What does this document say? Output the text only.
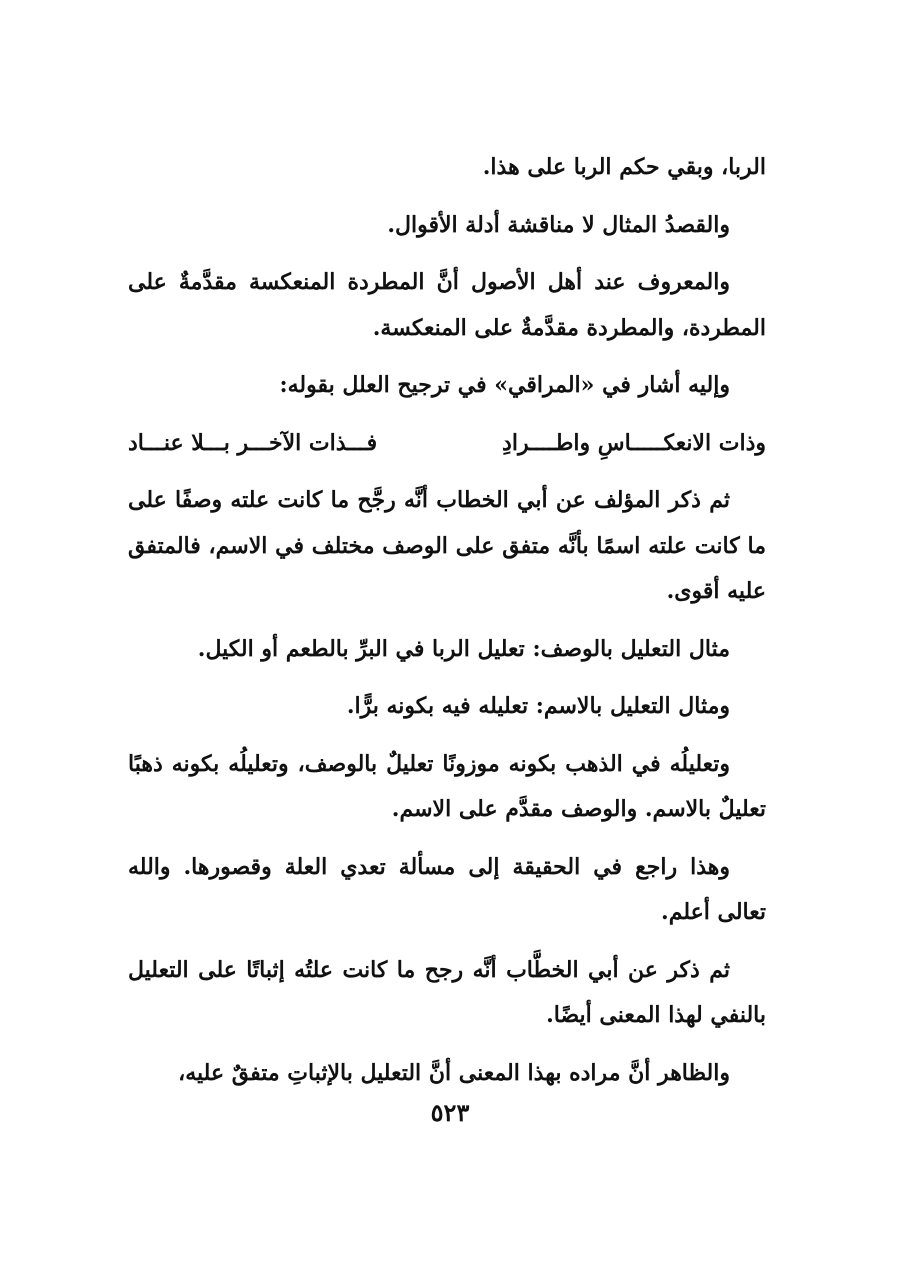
الربا، وبقي حكم الربا على هذا.

والقصدُ المثال لا مناقشة أدلة الأقوال.

والمعروف عند أهل الأصول أنَّ المطردة المنعكسة مقدَّمةٌ على المطردة، والمطردة مقدَّمةٌ على المنعكسة.

وإليه أشار في «المراقي» في ترجيح العلل بقوله:

وذات الانعكـــــاسِ واطــــرادِ
فـــذات الآخـــر بـــلا عنـــاد

ثم ذكر المؤلف عن أبي الخطاب أنَّه رجَّح ما كانت علته وصفًا على ما كانت علته اسمًا بأنَّه متفق على الوصف مختلف في الاسم، فالمتفق عليه أقوى.

مثال التعليل بالوصف: تعليل الربا في البرِّ بالطعم أو الكيل.

ومثال التعليل بالاسم: تعليله فيه بكونه برًّا.

وتعليلُه في الذهب بكونه موزونًا تعليلٌ بالوصف، وتعليلُه بكونه ذهبًا تعليلٌ بالاسم. والوصف مقدَّم على الاسم.

وهذا راجع في الحقيقة إلى مسألة تعدي العلة وقصورها. والله تعالى أعلم.

ثم ذكر عن أبي الخطَّاب أنَّه رجح ما كانت علتُه إثباتًا على التعليل بالنفي لهذا المعنى أيضًا.

والظاهر أنَّ مراده بهذا المعنى أنَّ التعليل بالإثباتِ متفقٌ عليه،

٥٢٣
